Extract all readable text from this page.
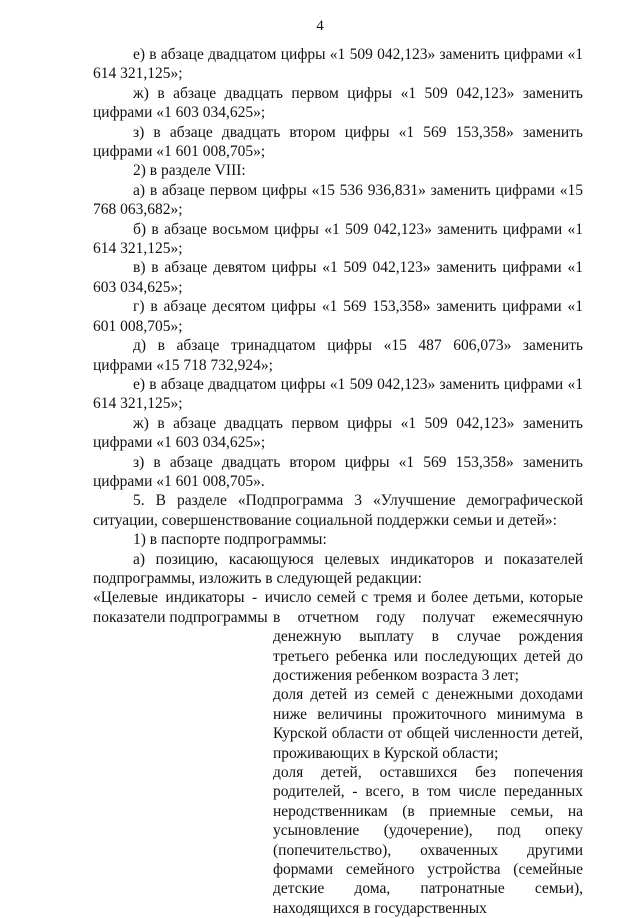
4

е) в абзаце двадцатом цифры «1 509 042,123» заменить цифрами «1 614 321,125»;

ж) в абзаце двадцать первом цифры «1 509 042,123» заменить цифрами «1 603 034,625»;

з) в абзаце двадцать втором цифры «1 569 153,358» заменить цифрами «1 601 008,705»;

2) в разделе VIII:

а) в абзаце первом цифры «15 536 936,831» заменить цифрами «15 768 063,682»;

б) в абзаце восьмом цифры «1 509 042,123» заменить цифрами «1 614 321,125»;

в) в абзаце девятом цифры «1 509 042,123» заменить цифрами «1 603 034,625»;

г) в абзаце десятом цифры «1 569 153,358» заменить цифрами «1 601 008,705»;

д) в абзаце тринадцатом цифры «15 487 606,073» заменить цифрами «15 718 732,924»;

е) в абзаце двадцатом цифры «1 509 042,123» заменить цифрами «1 614 321,125»;

ж) в абзаце двадцать первом цифры «1 509 042,123» заменить цифрами «1 603 034,625»;

з) в абзаце двадцать втором цифры «1 569 153,358» заменить цифрами «1 601 008,705».

5. В разделе «Подпрограмма 3 «Улучшение демографической ситуации, совершенствование социальной поддержки семьи и детей»:

1) в паспорте подпрограммы:

а) позицию, касающуюся целевых индикаторов и показателей подпрограммы, изложить в следующей редакции:

«Целевые индикаторы - и показатели подпрограммы

число семей с тремя и более детьми, которые в отчетном году получат ежемесячную денежную выплату в случае рождения третьего ребенка или последующих детей до достижения ребенком возраста 3 лет;

доля детей из семей с денежными доходами ниже величины прожиточного минимума в Курской области от общей численности детей, проживающих в Курской области;

доля детей, оставшихся без попечения родителей, - всего, в том числе переданных неродственникам (в приемные семьи, на усыновление (удочерение), под опеку (попечительство), охваченных другими формами семейного устройства (семейные детские дома, патронатные семьи), находящихся в государственных
